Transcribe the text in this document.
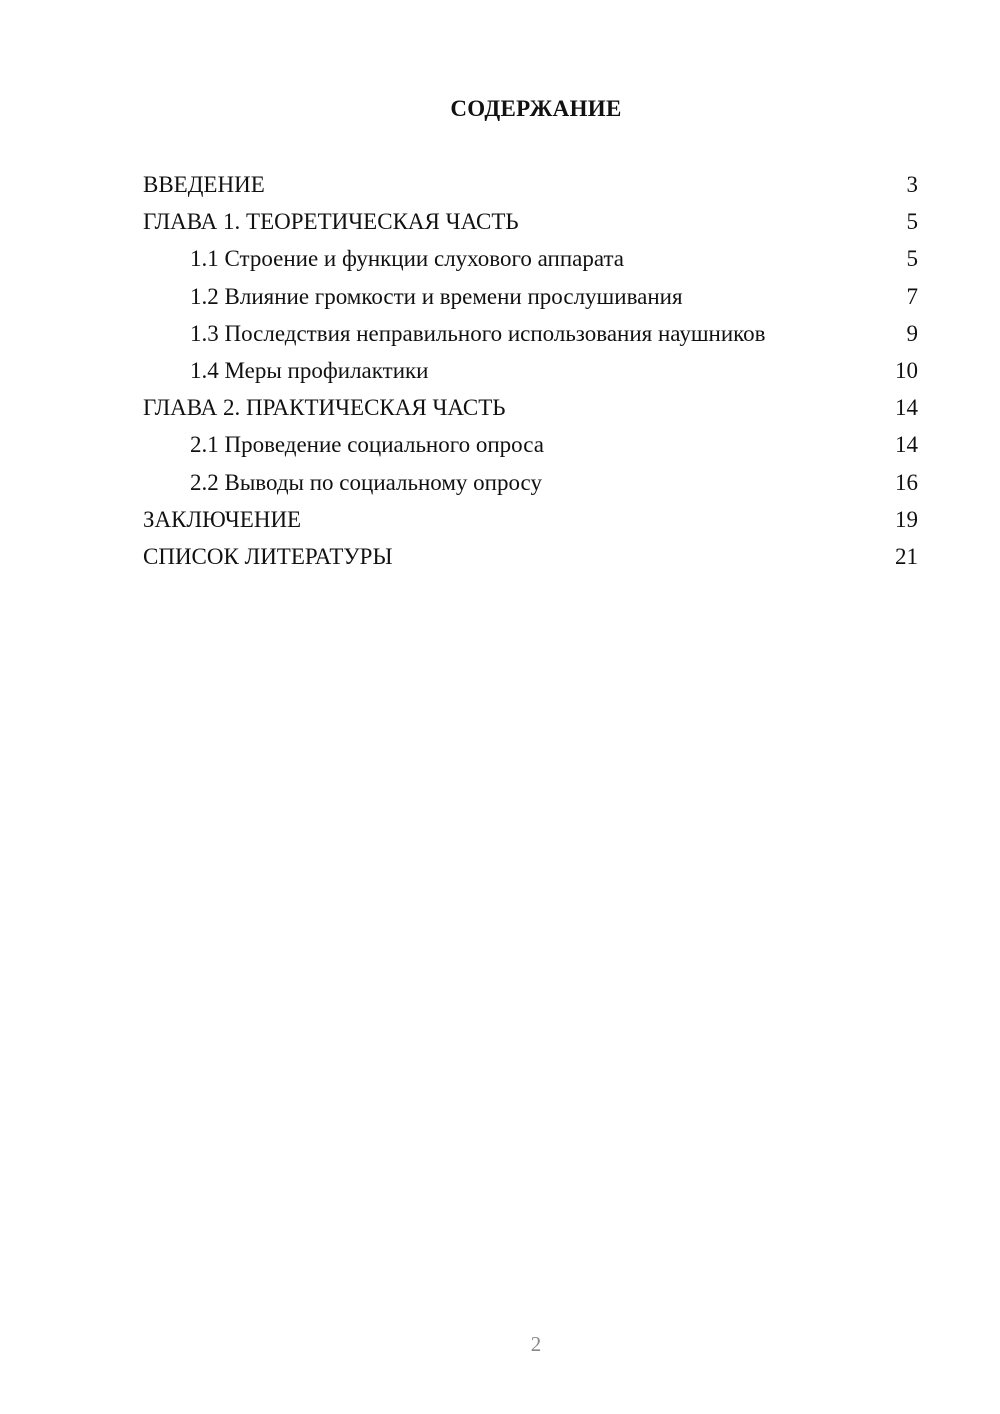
СОДЕРЖАНИЕ
ВВЕДЕНИЕ	3
ГЛАВА 1. ТЕОРЕТИЧЕСКАЯ ЧАСТЬ	5
1.1 Строение и функции слухового аппарата	5
1.2 Влияние громкости и времени прослушивания	7
1.3 Последствия неправильного использования наушников	9
1.4 Меры профилактики	10
ГЛАВА 2. ПРАКТИЧЕСКАЯ ЧАСТЬ	14
2.1 Проведение социального опроса	14
2.2 Выводы по социальному опросу	16
ЗАКЛЮЧЕНИЕ	19
СПИСОК ЛИТЕРАТУРЫ	21
2
